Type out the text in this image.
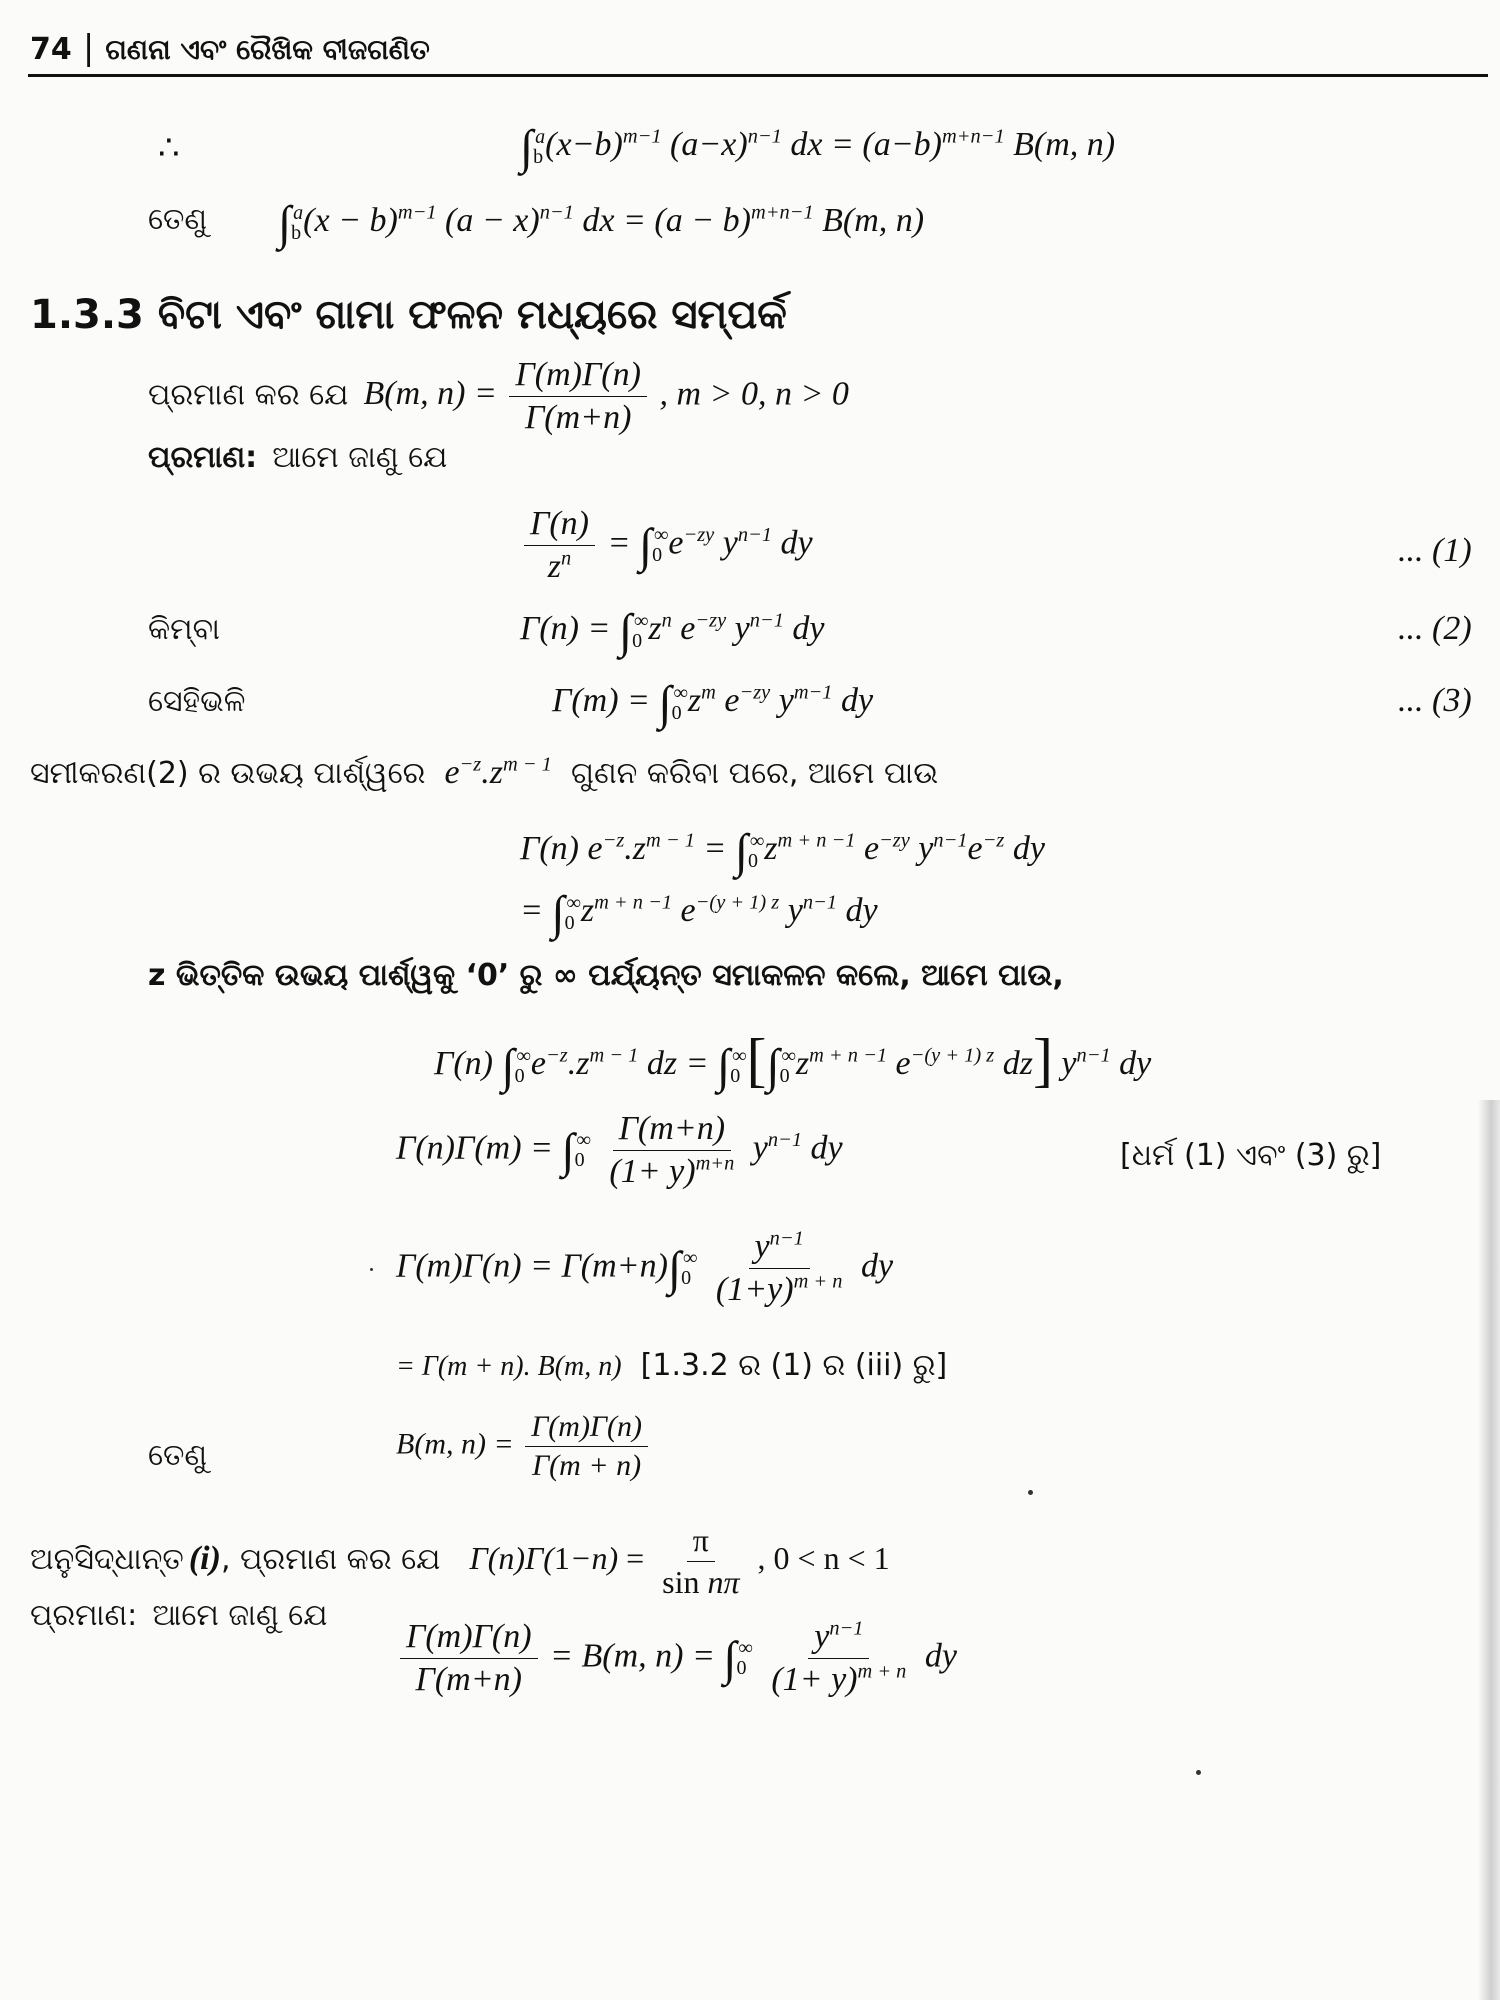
74 | ଗଣନା ଏବଂ ରୈଖିକ ବୀଜଗଣିତ
∴	$\int_b^a(x-b)^{m-1}$ $(a-x)^{n-1}$ dx = $(a-b)^{m+n-1}$ B(m, n)
ତେଣୁ $\int_b^a(x - b)^{m-1}$ $(a - x)^{n-1}$ dx = $(a - b)^{m+n-1}$ B(m, n)
1.3.3 ବିଟା ଏବଂ ଗାମା ଫଳନ ମଧ୍ୟରେ ସମ୍ପର୍କ
ପ୍ରମାଣ କର ଯେ B(m, $n) = \frac{\Gamma(m)\Gamma(n)}{\Gamma(m+n)}$ , m > 0, n > 0
ପ୍ରମାଣ: ଆମେ ଜାଣୁ ଯେ
$\frac{\Gamma(n)}{z^n} = \int_0^\infty e^{-zy}$ $y^{n-1}$ dy	... (1)
କିମ୍ବା	$\Gamma(n) = \int_0^\infty z^n$ $e^{-zy}$ $y^{n-1}$ dy	... (2)
ସେହିଭଳି	$\Gamma(m) = \int_0^\infty z^m$ $e^{-zy}$ $y^{m-1}$ dy	... (3)
ସମୀକରଣ(2) ର ଉଭୟ ପାର୍ଶ୍ୱରେ $e^{-z}.z^{m - 1}$ ଗୁଣନ କରିବା ପରେ, ଆମେ ପାଉ
Γ(n) $e^{-z}.z^{m - 1} = \int_0^\infty z^{m + n -1}$ $e^{-zy}$ $y^{n-1}e^{-z}$ dy
= $\int_0^\infty z^{m + n -1}$ $e^{-(y + 1) z}$ $y^{n-1}$ dy
z ଭିତ୍ତିକ ଉଭୟ ପାର୍ଶ୍ୱକୁ ‘0’ ରୁ ∞ ପର୍ଯ୍ୟନ୍ତ ସମାକଳନ କଲେ, ଆମେ ପାଉ,
Γ(n) $\int_0^\infty e^{-z}.z^{m - 1}$ dz = $\int_0^\infty[\int_0^\infty z^{m + n -1}$ $e^{-(y + 1) z}$ dz] $y^{n-1}$ dy
$\Gamma(n)\Gamma(m) = \int_0^\infty \frac{\Gamma(m+n)}{(1+ y)^{m+n}} y^{n-1}$ dy	[ଧର୍ମ (1) ଏବଂ (3) ରୁ]
$\Gamma(m)\Gamma(n) = \Gamma(m+n)\int_0^\infty \frac{y^{n-1}}{(1+y)^{m + n}}$ dy
= Γ(m + n). B(m, n) [1.3.2 ର (1) ର (iii) ରୁ]
ତେଣୁ	B(m, $n) = \frac{\Gamma(m)\Gamma(n)}{\Gamma(m + n)}$
ଅନୁସିଦ୍ଧାନ୍ତ (i), ପ୍ରମାଣ କର ଯେ $\Gamma(n)\Gamma(1-n) = \frac{\pi}{\text{sin nπ}}$ , 0 < n < 1
ପ୍ରମାଣ: ଆମେ ଜାଣୁ ଯେ
$\frac{\Gamma(m)\Gamma(n)}{\Gamma(m+n)} = B(m$, $n) = \int_0^\infty \frac{y^{n-1}}{(1+ y)^{m + n}}$ dy
